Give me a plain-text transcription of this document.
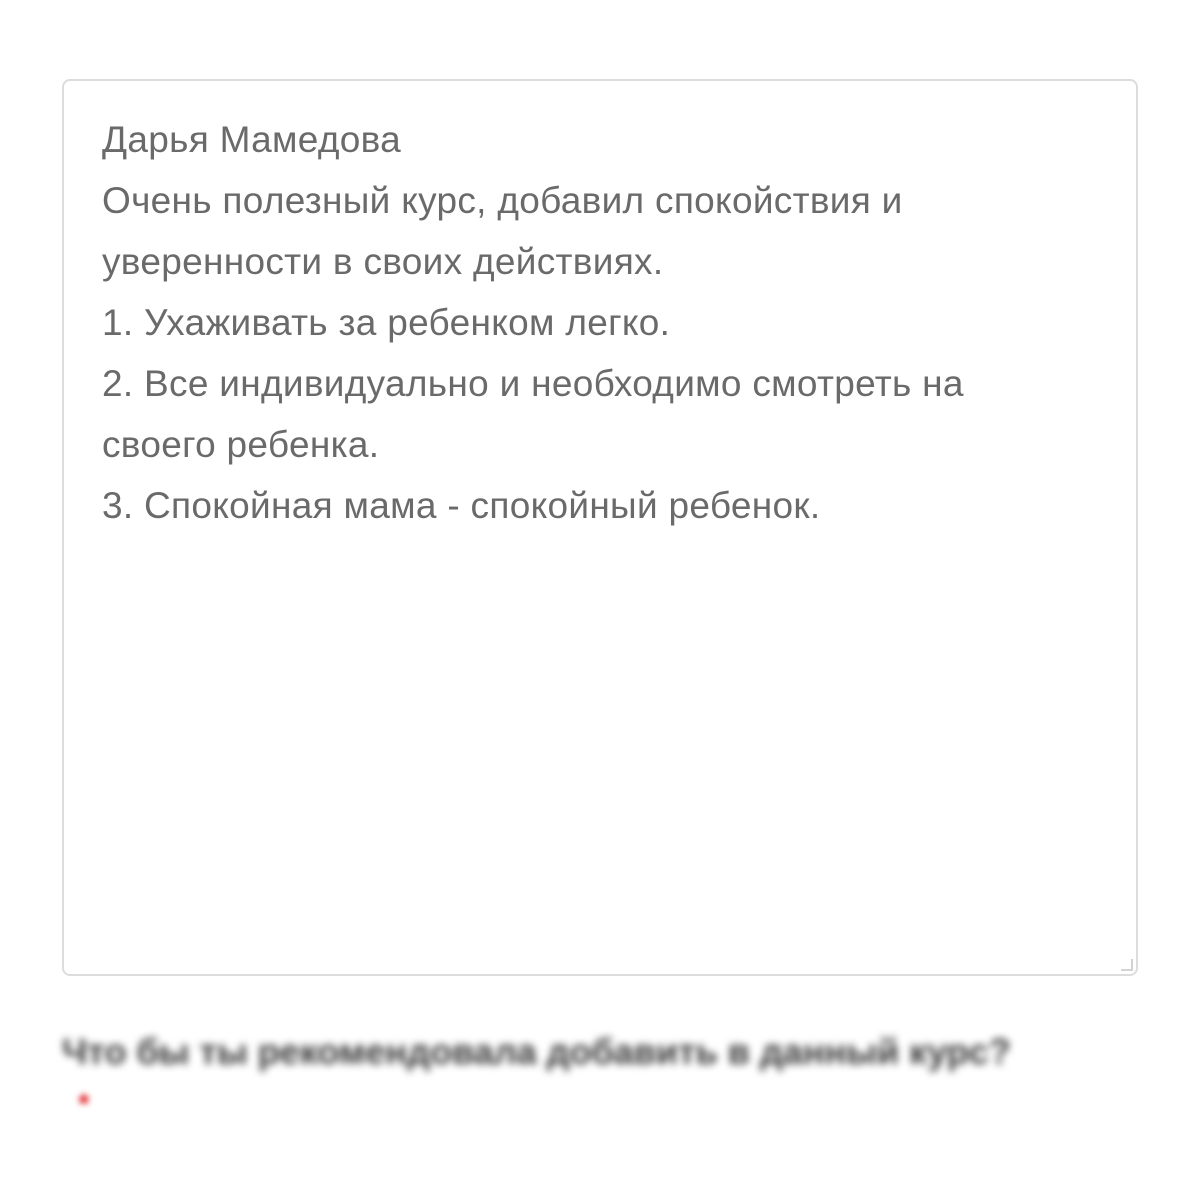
Дарья Мамедова
Очень полезный курс, добавил спокойствия и
уверенности в своих действиях.
1. Ухаживать за ребенком легко.
2. Все индивидуально и необходимо смотреть на
своего ребенка.
3. Спокойная мама - спокойный ребенок.
Что бы ты рекомендовала добавить в данный курс?
*
